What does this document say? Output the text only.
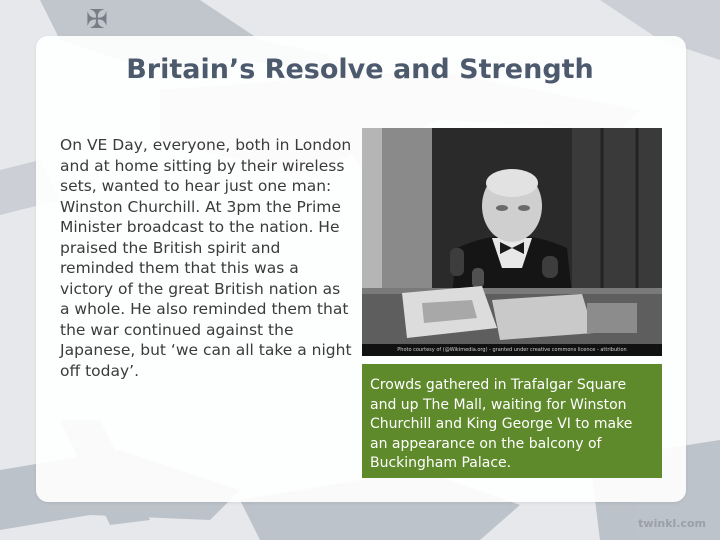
✠
Britain’s Resolve and Strength

On VE Day, everyone, both in London and at home sitting by their wireless sets, wanted to hear just one man: Winston Churchill. At 3pm the Prime Minister broadcast to the nation. He praised the British spirit and reminded them that this was a victory of the great British nation as a whole. He also reminded them that the war continued against the Japanese, but ‘we can all take a night off today’.

Photo courtesy of (@Wikimedia.org) - granted under creative commons licence - attribution

Crowds gathered in Trafalgar Square and up The Mall, waiting for Winston Churchill and King George VI to make an appearance on the balcony of Buckingham Palace.

twinkl.com
